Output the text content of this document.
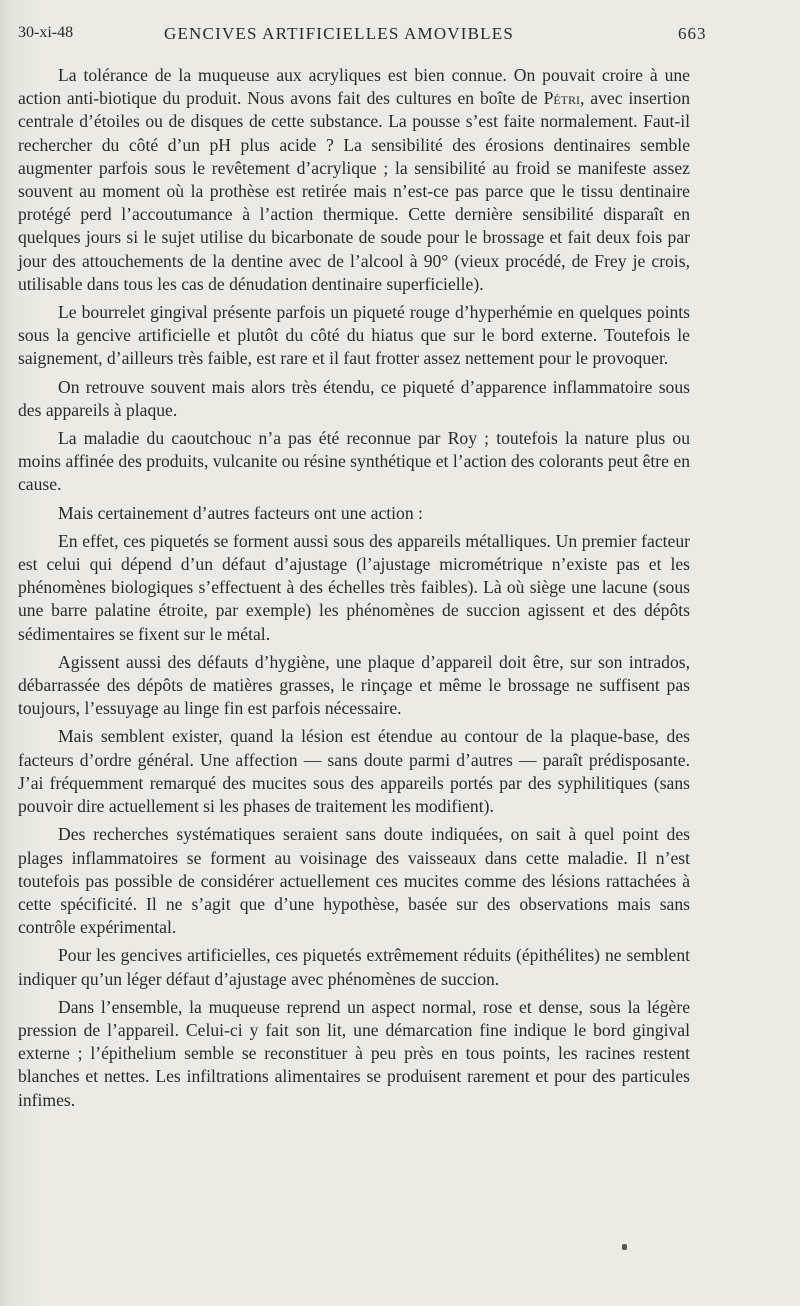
30-xi-48	GENCIVES ARTIFICIELLES AMOVIBLES	663

La tolérance de la muqueuse aux acryliques est bien connue. On pouvait croire à une action anti-biotique du produit. Nous avons fait des cultures en boîte de Pétri, avec insertion centrale d’étoiles ou de disques de cette substance. La pousse s’est faite normalement. Faut-il rechercher du côté d’un pH plus acide ? La sensibilité des érosions dentinaires semble augmenter parfois sous le revêtement d’acrylique ; la sensibilité au froid se manifeste assez souvent au moment où la prothèse est retirée mais n’est-ce pas parce que le tissu dentinaire protégé perd l’accoutumance à l’action thermique. Cette dernière sensibilité disparaît en quelques jours si le sujet utilise du bicarbonate de soude pour le brossage et fait deux fois par jour des attouchements de la dentine avec de l’alcool à 90° (vieux procédé, de Frey je crois, utilisable dans tous les cas de dénudation dentinaire superficielle).

Le bourrelet gingival présente parfois un piqueté rouge d’hyperhémie en quelques points sous la gencive artificielle et plutôt du côté du hiatus que sur le bord externe. Toutefois le saignement, d’ailleurs très faible, est rare et il faut frotter assez nettement pour le provoquer.

On retrouve souvent mais alors très étendu, ce piqueté d’apparence inflammatoire sous des appareils à plaque.

La maladie du caoutchouc n’a pas été reconnue par Roy ; toutefois la nature plus ou moins affinée des produits, vulcanite ou résine synthétique et l’action des colorants peut être en cause.

Mais certainement d’autres facteurs ont une action :

En effet, ces piquetés se forment aussi sous des appareils métalliques. Un premier facteur est celui qui dépend d’un défaut d’ajustage (l’ajustage micrométrique n’existe pas et les phénomènes biologiques s’effectuent à des échelles très faibles). Là où siège une lacune (sous une barre palatine étroite, par exemple) les phénomènes de succion agissent et des dépôts sédimentaires se fixent sur le métal.

Agissent aussi des défauts d’hygiène, une plaque d’appareil doit être, sur son intrados, débarrassée des dépôts de matières grasses, le rinçage et même le brossage ne suffisent pas toujours, l’essuyage au linge fin est parfois nécessaire.

Mais semblent exister, quand la lésion est étendue au contour de la plaque-base, des facteurs d’ordre général. Une affection — sans doute parmi d’autres — paraît prédisposante. J’ai fréquemment remarqué des mucites sous des appareils portés par des syphilitiques (sans pouvoir dire actuellement si les phases de traitement les modifient).

Des recherches systématiques seraient sans doute indiquées, on sait à quel point des plages inflammatoires se forment au voisinage des vaisseaux dans cette maladie. Il n’est toutefois pas possible de considérer actuellement ces mucites comme des lésions rattachées à cette spécificité. Il ne s’agit que d’une hypothèse, basée sur des observations mais sans contrôle expérimental.

Pour les gencives artificielles, ces piquetés extrêmement réduits (épithélites) ne semblent indiquer qu’un léger défaut d’ajustage avec phénomènes de succion.

Dans l’ensemble, la muqueuse reprend un aspect normal, rose et dense, sous la légère pression de l’appareil. Celui-ci y fait son lit, une démarcation fine indique le bord gingival externe ; l’épithelium semble se reconstituer à peu près en tous points, les racines restent blanches et nettes. Les infiltrations alimentaires se produisent rarement et pour des particules infimes.
